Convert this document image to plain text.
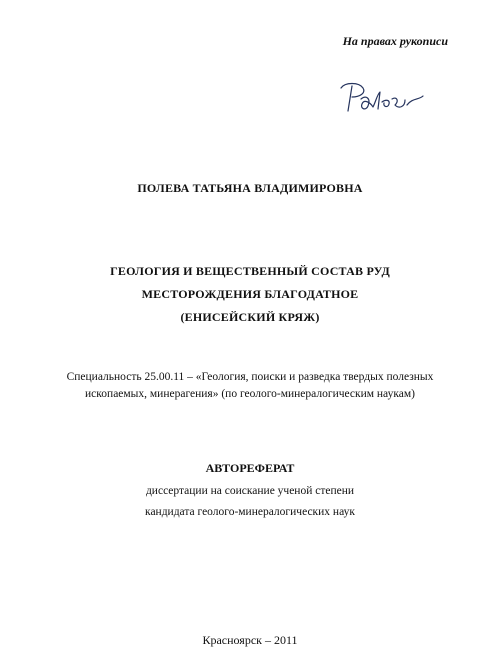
На правах рукописи
ПОЛЕВА ТАТЬЯНА ВЛАДИМИРОВНА
ГЕОЛОГИЯ И ВЕЩЕСТВЕННЫЙ СОСТАВ РУД
МЕСТОРОЖДЕНИЯ БЛАГОДАТНОЕ
(ЕНИСЕЙСКИЙ КРЯЖ)
Специальность 25.00.11 – «Геология, поиски и разведка твердых полезных
ископаемых, минерагения» (по геолого-минералогическим наукам)
АВТОРЕФЕРАТ
диссертации на соискание ученой степени
кандидата геолого-минералогических наук
Красноярск – 2011
